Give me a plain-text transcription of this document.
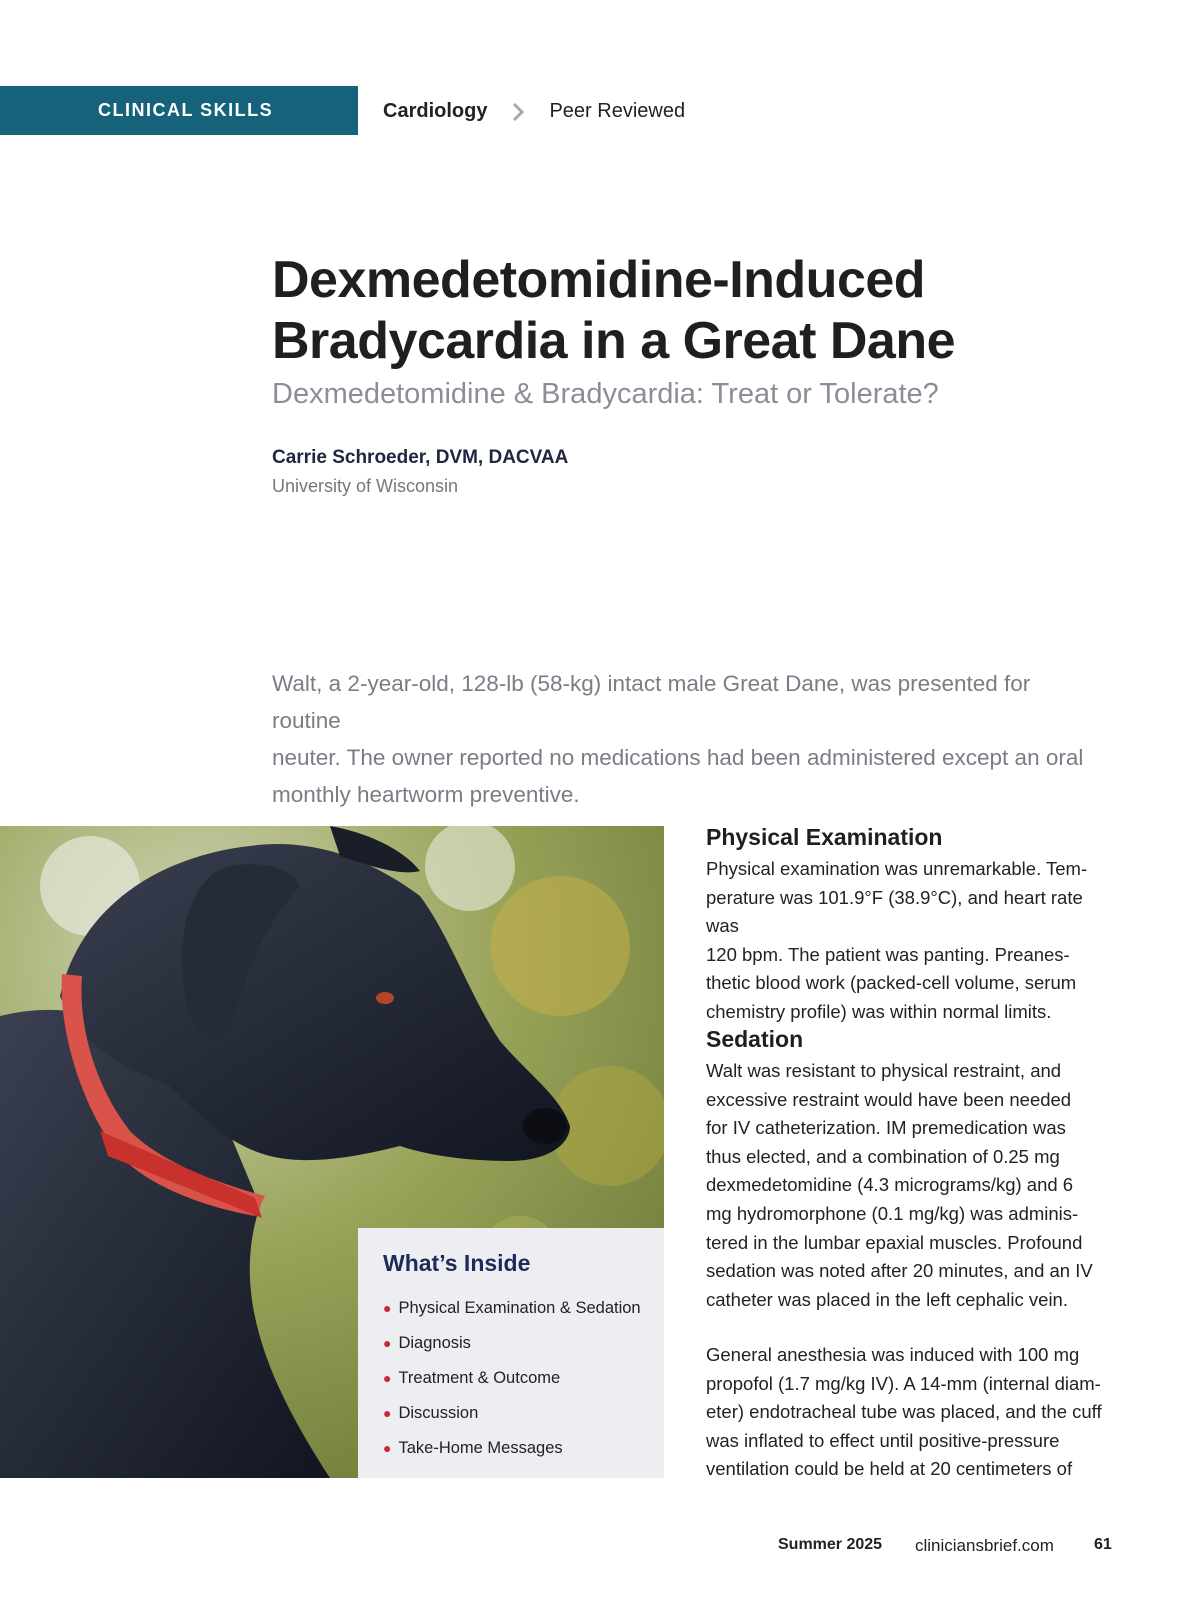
CLINICAL SKILLS	Cardiology	Peer Reviewed
Dexmedetomidine-Induced
Bradycardia in a Great Dane
Dexmedetomidine & Bradycardia: Treat or Tolerate?
Carrie Schroeder, DVM, DACVAA
University of Wisconsin
Walt, a 2-year-old, 128-lb (58-kg) intact male Great Dane, was presented for routine
neuter. The owner reported no medications had been administered except an oral
monthly heartworm preventive.
What’s Inside
● Physical Examination & Sedation
● Diagnosis
● Treatment & Outcome
● Discussion
● Take-Home Messages
Physical Examination

Physical examination was unremarkable. Tem-
perature was 101.9°F (38.9°C), and heart rate was
120 bpm. The patient was panting. Preanes-
thetic blood work (packed-cell volume, serum
chemistry profile) was within normal limits.

Sedation

Walt was resistant to physical restraint, and
excessive restraint would have been needed
for IV catheterization. IM premedication was
thus elected, and a combination of 0.25 mg
dexmedetomidine (4.3 micrograms/kg) and 6
mg hydromorphone (0.1 mg/kg) was adminis-
tered in the lumbar epaxial muscles. Profound
sedation was noted after 20 minutes, and an IV
catheter was placed in the left cephalic vein.

General anesthesia was induced with 100 mg
propofol (1.7 mg/kg IV). A 14-mm (internal diam-
eter) endotracheal tube was placed, and the cuff
was inflated to effect until positive-pressure
ventilation could be held at 20 centimeters of

Summer 2025 cliniciansbrief.com	61
